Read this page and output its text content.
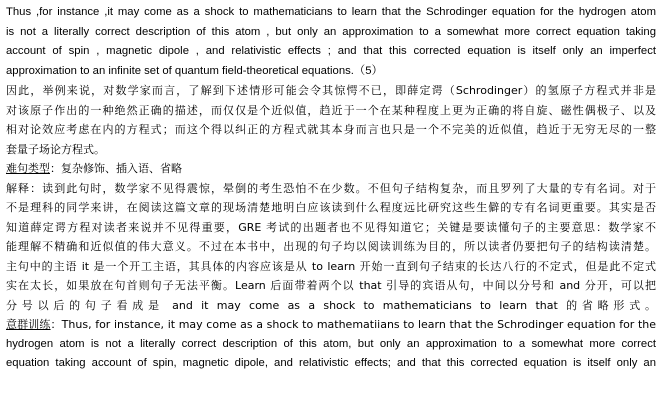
Thus ,for instance ,it may come as a shock to mathematicians to learn that the Schrodinger equation for the hydrogen atom
is not a literally correct description of this atom , but only an approximation to a somewhat more correct equation taking
account of spin , magnetic dipole , and relativistic effects ; and that this corrected equation is itself only an imperfect
approximation to an infinite set of quantum field-theoretical equations.（5）
因此，举例来说，对数学家而言，了解到下述情形可能会令其惊愕不已，即薛定谔（Schrodinger）的氢原子方程式并非是
对该原子作出的一种绝然正确的描述，而仅仅是个近似值，趋近于一个在某种程度上更为正确的将自旋、磁性偶极子、以及
相对论效应考虑在内的方程式；而这个得以纠正的方程式就其本身而言也只是一个不完美的近似值，趋近于无穷无尽的一整
套量子场论方程式。
难句类型：复杂修饰、插入语、省略
解释：读到此句时，数学家不见得震惊，晕倒的考生恐怕不在少数。不但句子结构复杂，而且罗列了大量的专有名词。对于
不是理科的同学来讲，在阅读这篇文章的现场清楚地明白应该读到什么程度远比研究这些生僻的专有名词更重要。其实是否
知道薛定谔方程对读者来说并不见得重要，GRE 考试的出题者也不见得知道它；关键是要读懂句子的主要意思：数学家不
能理解不精确和近似值的伟大意义。不过在本书中，出现的句子均以阅读训练为目的，所以读者仍要把句子的结构读清楚。
主句中的主语 it 是一个开工主语，其具体的内容应该是从 to learn 开始一直到句子结束的长达八行的不定式，但是此不定式
实在太长，如果放在句首则句子无法平衡。Learn 后面带着两个以 that 引导的宾语从句，中间以分号和 and 分开，可以把
分号以后的句子看成是 and it may come as a shock to mathematicians to learn that 的省略形式。
意群训练：Thus, for instance, it may come as a shock to mathematiians to learn that the Schrodinger equation for the
hydrogen atom is not a literally correct description of this atom, but only an approximation to a somewhat more correct
equation taking account of spin, magnetic dipole, and relativistic effects; and that this corrected equation is itself only an
